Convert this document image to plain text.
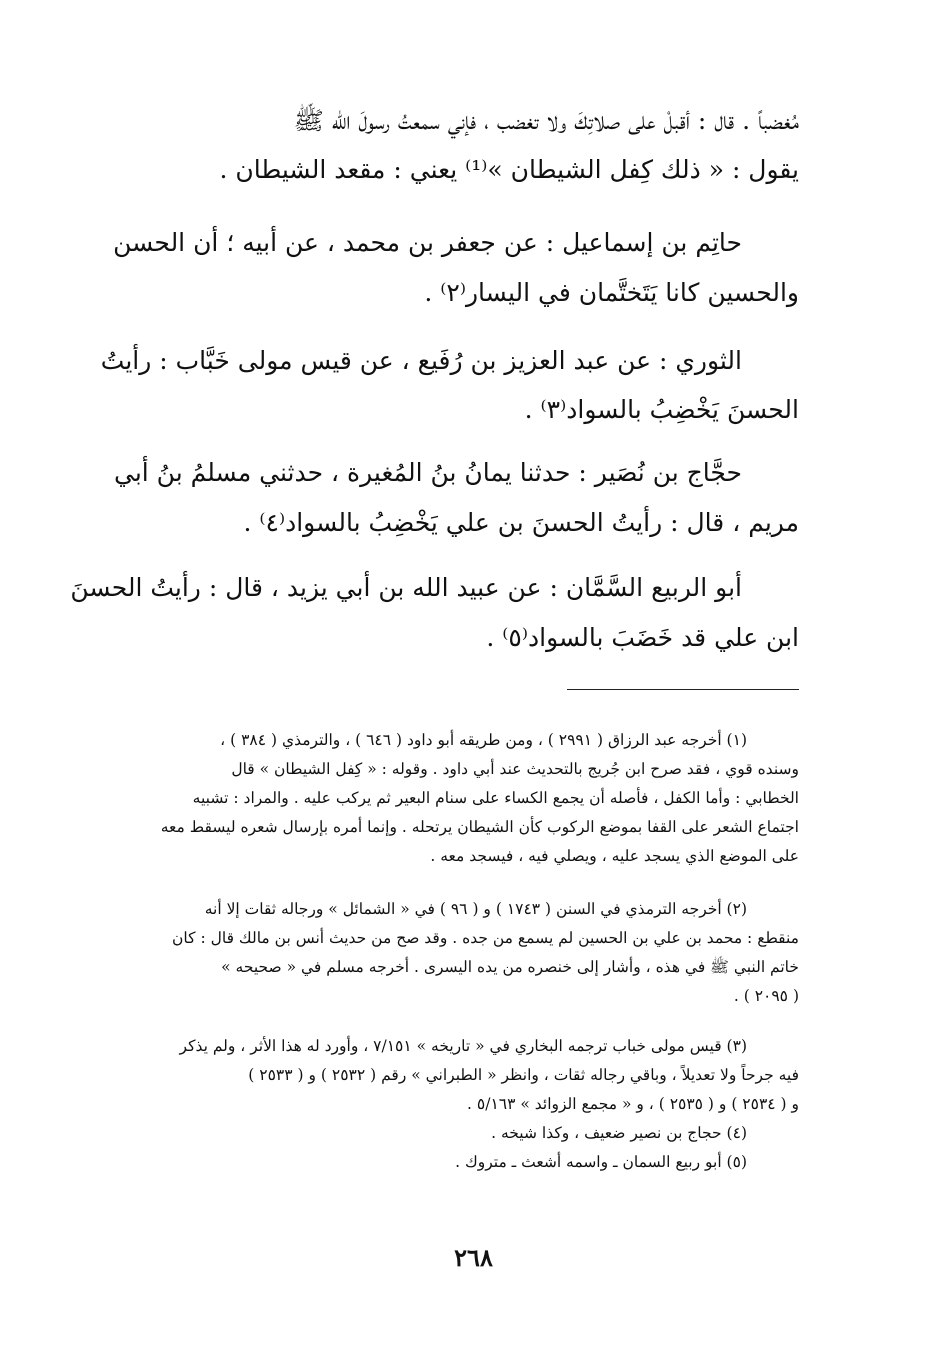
مُغضباً . قال : أقبلْ على صلاتِكَ ولا تغضب ، فإني سمعتُ رسولَ الله ﷺ
يقول : « ذلك كِفل الشيطان »⁽¹⁾ يعني : مقعد الشيطان .
حاتِم بن إسماعيل : عن جعفر بن محمد ، عن أبيه ؛ أن الحسن
والحسين كانا يَتَختَّمان في اليسار⁽٢⁾ .
الثوري : عن عبد العزيز بن رُفَيع ، عن قيس مولى خَبَّاب : رأيتُ
الحسنَ يَخْضِبُ بالسواد⁽٣⁾ .
حجَّاج بن نُصَير : حدثنا يمانُ بنُ المُغيرة ، حدثني مسلمُ بنُ أبي
مريم ، قال : رأيتُ الحسنَ بن علي يَخْضِبُ بالسواد⁽٤⁾ .
أبو الربيع السَّمَّان : عن عبيد الله بن أبي يزيد ، قال : رأيتُ الحسنَ
ابن علي قد خَضَبَ بالسواد⁽٥⁾ .
(١) أخرجه عبد الرزاق ( ٢٩٩١ ) ، ومن طريقه أبو داود ( ٦٤٦ ) ، والترمذي ( ٣٨٤ ) ،
وسنده قوي ، فقد صرح ابن جُريج بالتحديث عند أبي داود . وقوله : « كِفل الشيطان » قال
الخطابي : وأما الكفل ، فأصله أن يجمع الكساء على سنام البعير ثم يركب عليه . والمراد : تشبيه
اجتماع الشعر على القفا بموضع الركوب كأن الشيطان يرتحله . وإنما أمره بإرسال شعره ليسقط معه
على الموضع الذي يسجد عليه ، ويصلي فيه ، فيسجد معه .
(٢) أخرجه الترمذي في السنن ( ١٧٤٣ ) و ( ٩٦ ) في « الشمائل » ورجاله ثقات إلا أنه
منقطع : محمد بن علي بن الحسين لم يسمع من جده . وقد صح من حديث أنس بن مالك قال : كان
خاتم النبي ﷺ في هذه ، وأشار إلى خنصره من يده اليسرى . أخرجه مسلم في « صحيحه »
( ٢٠٩٥ ) .
(٣) قيس مولى خباب ترجمه البخاري في « تاريخه » ٧/١٥١ ، وأورد له هذا الأثر ، ولم يذكر
فيه جرحاً ولا تعديلاً ، وباقي رجاله ثقات ، وانظر « الطبراني » رقم ( ٢٥٣٢ ) و ( ٢٥٣٣ )
و ( ٢٥٣٤ ) و ( ٢٥٣٥ ) ، و « مجمع الزوائد » ٥/١٦٣ .
(٤) حجاج بن نصير ضعيف ، وكذا شيخه .
(٥) أبو ربيع السمان ـ واسمه أشعث ـ متروك .
٢٦٨
